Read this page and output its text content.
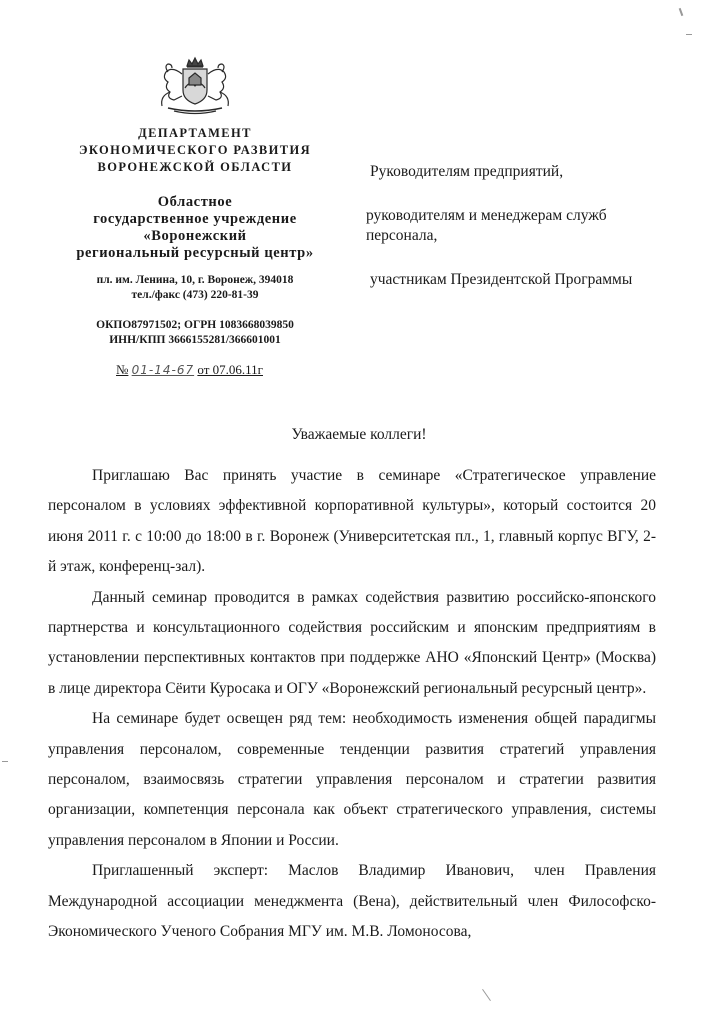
ДЕПАРТАМЕНТ
ЭКОНОМИЧЕСКОГО РАЗВИТИЯ
ВОРОНЕЖСКОЙ ОБЛАСТИ
Областное
государственное учреждение
«Воронежский
региональный ресурсный центр»
пл. им. Ленина, 10, г. Воронеж, 394018
тел./факс (473) 220-81-39
ОКПО87971502; ОГРН 1083668039850
ИНН/КПП 3666155281/366601001
№ 01-14-67 от 07.06.11г
Руководителям предприятий,
руководителям и менеджерам служб персонала,
участникам Президентской Программы
Уважаемые коллеги!

Приглашаю Вас принять участие в семинаре «Стратегическое управление персоналом в условиях эффективной корпоративной культуры», который состоится 20 июня 2011 г. с 10:00 до 18:00 в г. Воронеж (Университетская пл., 1, главный корпус ВГУ, 2-й этаж, конференц-зал).

Данный семинар проводится в рамках содействия развитию российско-японского партнерства и консультационного содействия российским и японским предприятиям в установлении перспективных контактов при поддержке АНО «Японский Центр» (Москва) в лице директора Сёити Куросака и ОГУ «Воронежский региональный ресурсный центр».

На семинаре будет освещен ряд тем: необходимость изменения общей парадигмы управления персоналом, современные тенденции развития стратегий управления персоналом, взаимосвязь стратегии управления персоналом и стратегии развития организации, компетенция персонала как объект стратегического управления, системы управления персоналом в Японии и России.

Приглашенный эксперт: Маслов Владимир Иванович, член Правления Международной ассоциации менеджмента (Вена), действительный член Философско-Экономического Ученого Собрания МГУ им. М.В. Ломоносова,
